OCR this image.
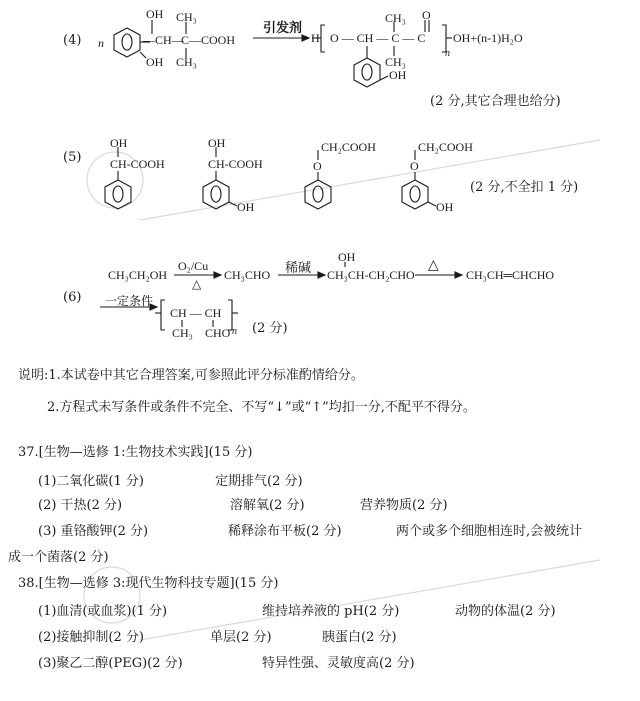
(4) n
OH
—CH—
CH₃
C—COOH
CH₃
OH
引发剂
H O — CH — C — C
CH₃ O
CH₃
n
OH+(n-1)H₂O
OH
(2 分,其它合理也给分)
(5)
OH
CH-COOH
OH
CH-COOH
OH
CH₂COOH
O
CH₂COOH
O
OH
(2 分,不全扣 1 分)
(6)
CH₃CH₂OH
O₂/Cu
△
CH₃CHO 稀碱
OH
CH₃CH-CH₂CHO
△
CH₃CH═CHCHO
一定条件
CH — CH
CH₃ CHO n (2 分)
说明:1.本试卷中其它合理答案,可参照此评分标准酌情给分。
2.方程式未写条件或条件不完全、不写“↓”或“↑”均扣一分,不配平不得分。
37.[生物—选修 1:生物技术实践](15 分)
(1)二氧化碳(1 分)	定期排气(2 分)
(2) 干热(2 分)	溶解氧(2 分)	营养物质(2 分)
(3) 重铬酸钾(2 分)	稀释涂布平板(2 分)	两个或多个细胞相连时,会被统计
成一个菌落(2 分)
38.[生物—选修 3:现代生物科技专题](15 分)
(1)血清(或血浆)(1 分)	维持培养液的 pH(2 分)	动物的体温(2 分)
(2)接触抑制(2 分)	单层(2 分)	胰蛋白(2 分)
(3)聚乙二醇(PEG)(2 分)	特异性强、灵敏度高(2 分)
